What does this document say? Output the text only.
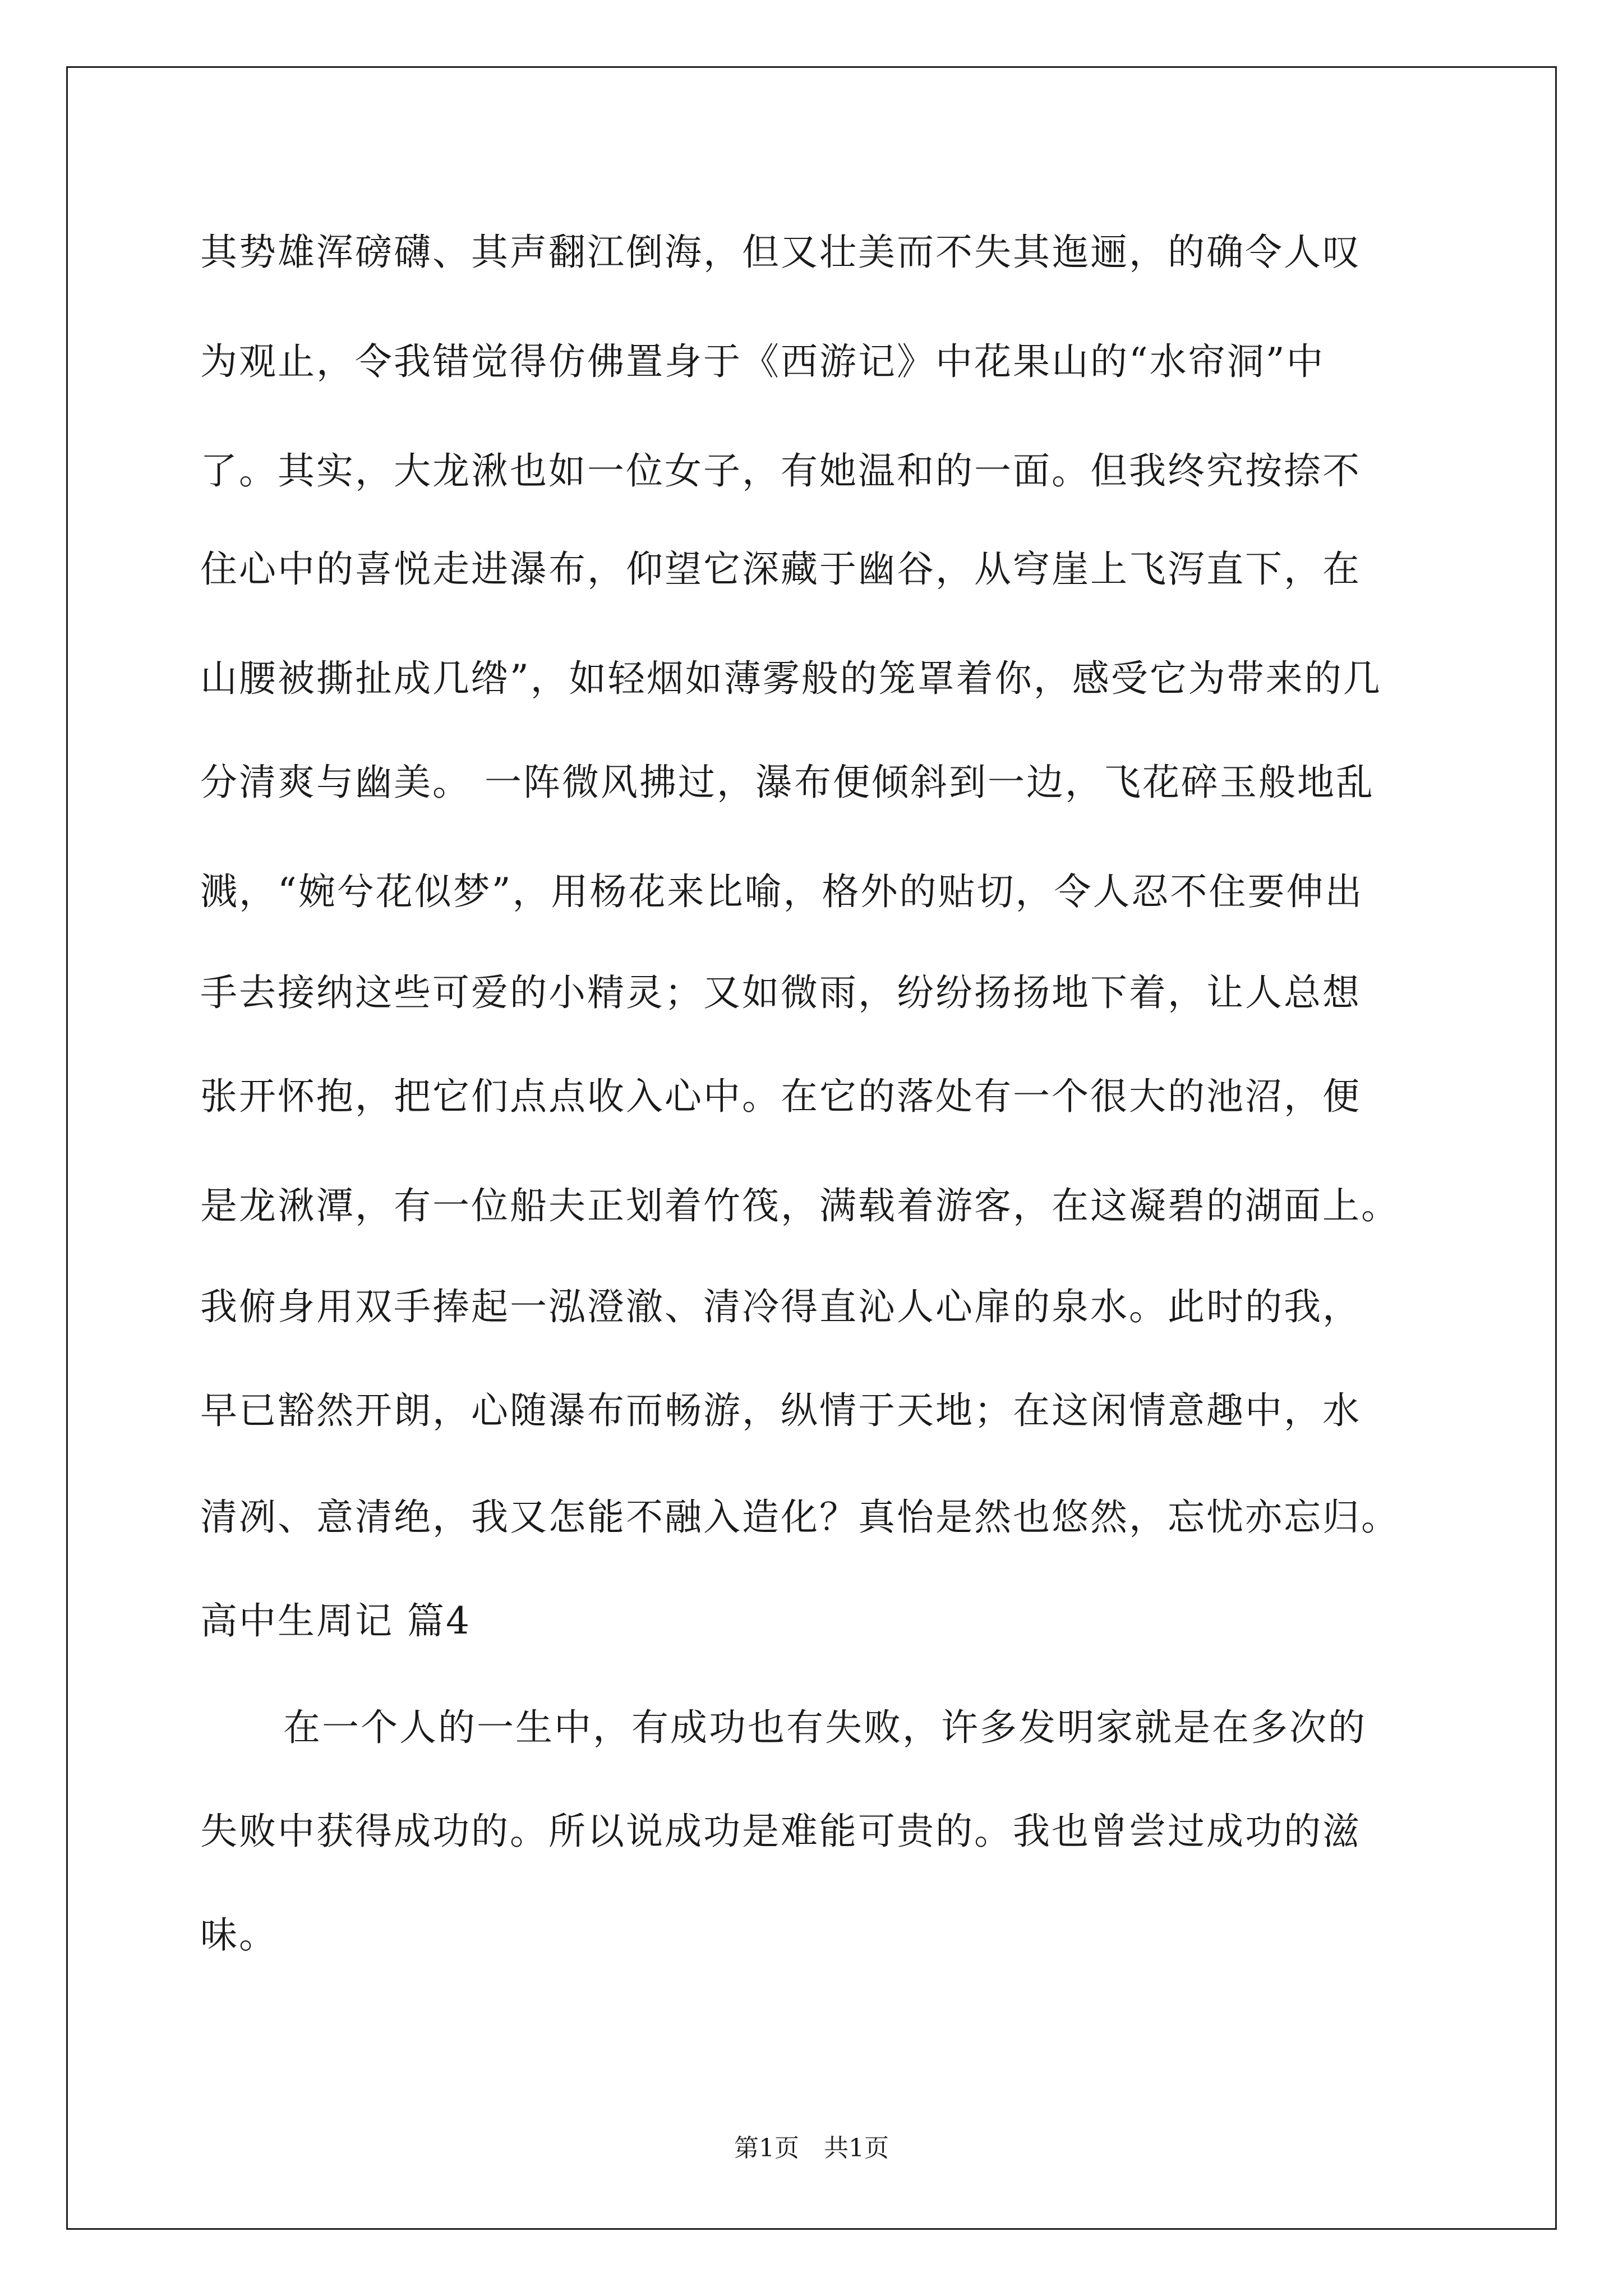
其势雄浑磅礴、其声翻江倒海，但又壮美而不失其迤逦，的确令人叹
为观止，令我错觉得仿佛置身于《西游记》中花果山的“水帘洞”中
了。其实，大龙湫也如一位女子，有她温和的一面。但我终究按捺不
住心中的喜悦走进瀑布，仰望它深藏于幽谷，从穹崖上飞泻直下，在
山腰被撕扯成几绺”，如轻烟如薄雾般的笼罩着你，感受它为带来的几
分清爽与幽美。 一阵微风拂过，瀑布便倾斜到一边，飞花碎玉般地乱
溅，“婉兮花似梦”，用杨花来比喻，格外的贴切，令人忍不住要伸出
手去接纳这些可爱的小精灵；又如微雨，纷纷扬扬地下着，让人总想
张开怀抱，把它们点点收入心中。在它的落处有一个很大的池沼，便
是龙湫潭，有一位船夫正划着竹筏，满载着游客，在这凝碧的湖面上。
我俯身用双手捧起一泓澄澈、清冷得直沁人心扉的泉水。此时的我，
早已豁然开朗，心随瀑布而畅游，纵情于天地；在这闲情意趣中，水
清冽、意清绝，我又怎能不融入造化？真怡是然也悠然，忘忧亦忘归。
高中生周记 篇4
在一个人的一生中，有成功也有失败，许多发明家就是在多次的
失败中获得成功的。所以说成功是难能可贵的。我也曾尝过成功的滋
味。
第1页　共1页
